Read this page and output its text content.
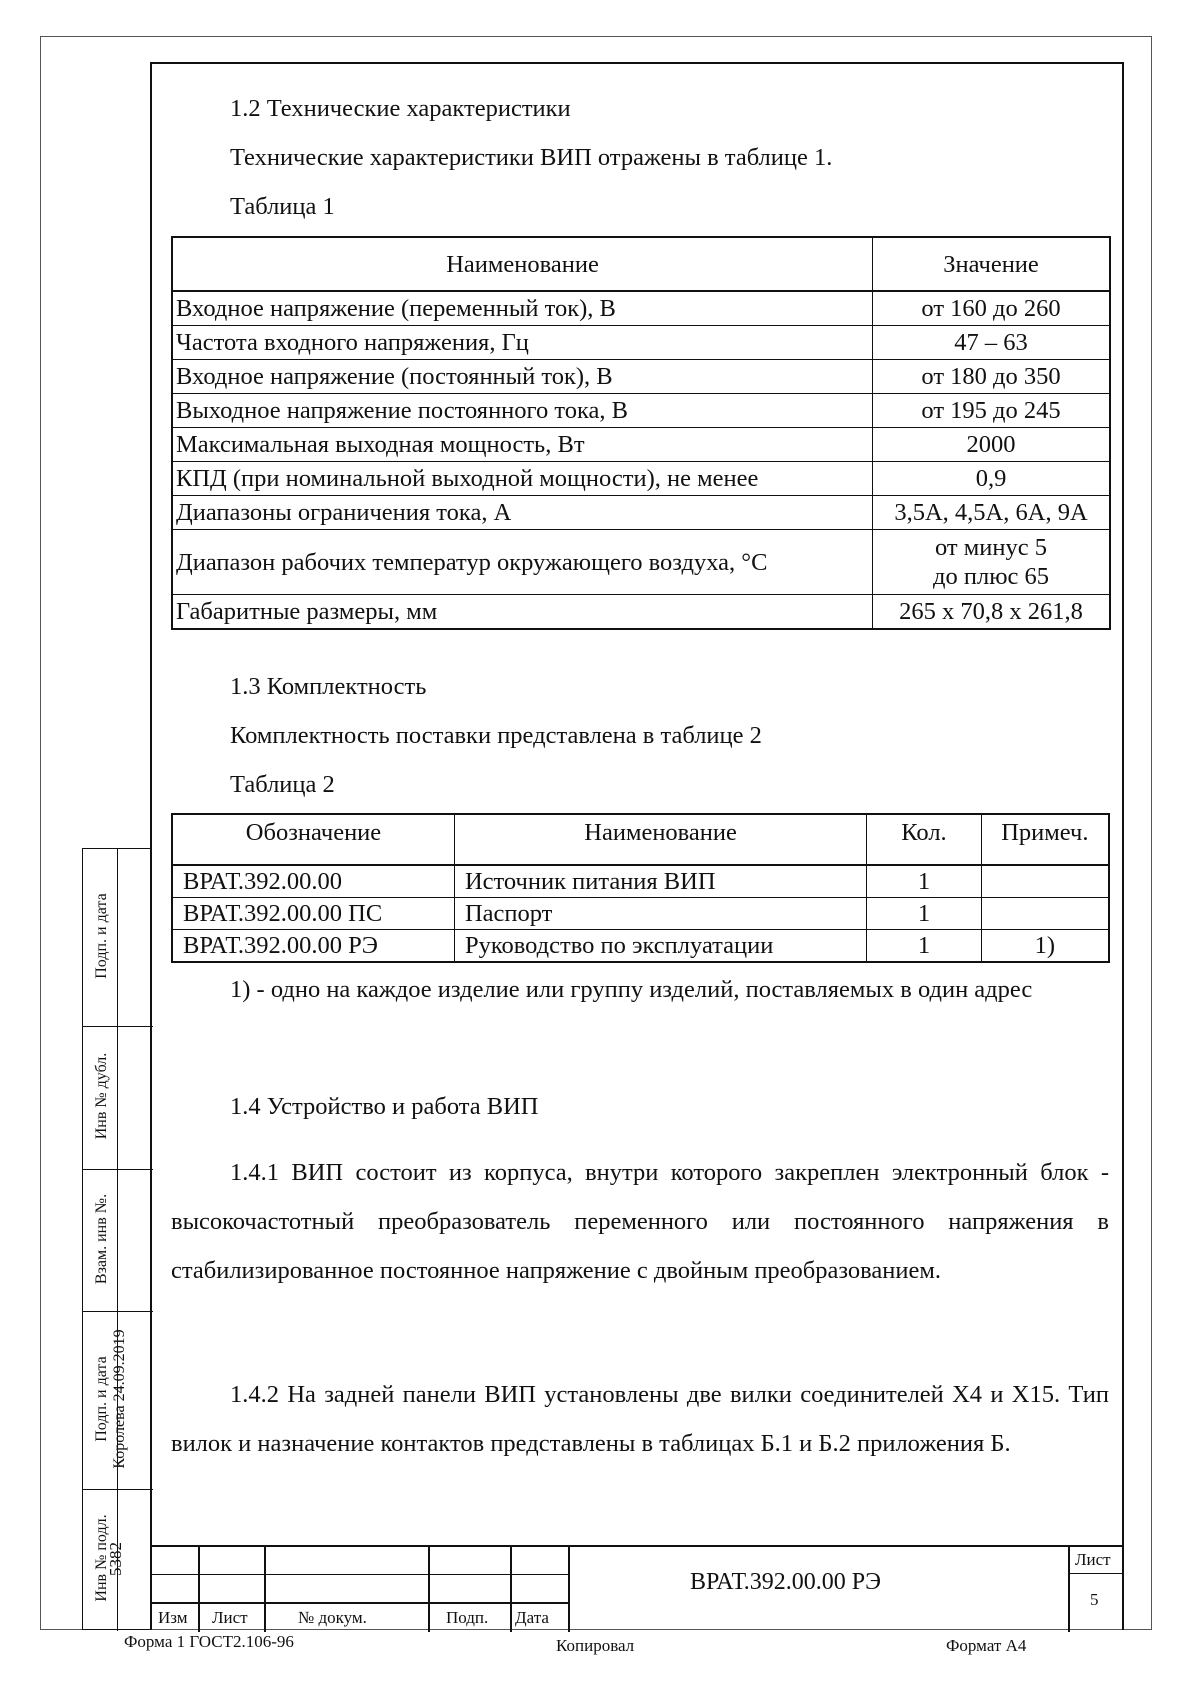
1.2 Технические характеристики
Технические характеристики ВИП отражены в таблице 1.
Таблица 1
Наименование	Значение
Входное напряжение (переменный ток), В	от 160 до 260
Частота входного напряжения, Гц	47 – 63
Входное напряжение (постоянный ток), В	от 180 до 350
Выходное напряжение постоянного тока, В	от 195 до 245
Максимальная выходная мощность, Вт	2000
КПД (при номинальной выходной мощности), не менее	0,9
Диапазоны ограничения тока, А	3,5А, 4,5А, 6А, 9А
Диапазон рабочих температур окружающего воздуха, °С	от минус 5
до плюс 65

Габаритные размеры, мм	265 х 70,8 х 261,8
1.3 Комплектность
Комплектность поставки представлена в таблице 2
Таблица 2
Обозначение	Наименование	Кол.	Примеч.
ВРАТ.392.00.00	Источник питания ВИП	1	
ВРАТ.392.00.00 ПС	Паспорт	1	
ВРАТ.392.00.00 РЭ	Руководство по эксплуатации	1	1)
1) - одно на каждое изделие или группу изделий, поставляемых в один адрес
1.4 Устройство и работа ВИП
1.4.1 ВИП состоит из корпуса, внутри которого закреплен электронный блок - высокочастотный преобразователь переменного или постоянного напряжения в стабилизированное постоянное напряжение с двойным преобразованием.
1.4.2 На задней панели ВИП установлены две вилки соединителей Х4 и Х15. Тип вилок и назначение контактов представлены в таблицах Б.1 и Б.2 приложения Б.
Подп. и дата
Инв № дубл.
Взам. инв №.
Подп. и дата Королева 24.09.2019
Инв № подл.
5382
Изм Лист	№ докум.	Подп. Дата
ВРАТ.392.00.00 РЭ
Лист
5
Форма 1 ГОСТ2.106-96	Копировал	Формат А4
